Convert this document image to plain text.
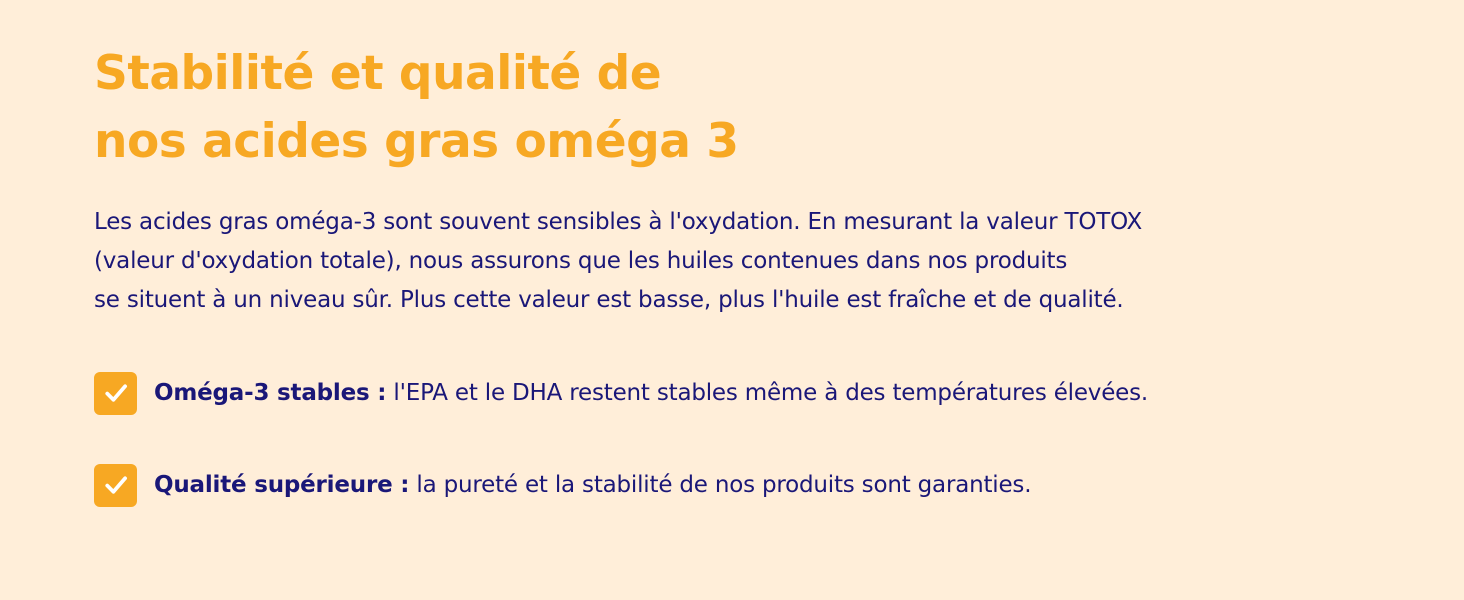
Stabilité et qualité de
nos acides gras oméga 3

Les acides gras oméga-3 sont souvent sensibles à l'oxydation. En mesurant la valeur TOTOX
(valeur d'oxydation totale), nous assurons que les huiles contenues dans nos produits
se situent à un niveau sûr. Plus cette valeur est basse, plus l'huile est fraîche et de qualité.

Oméga-3 stables : l'EPA et le DHA restent stables même à des températures élevées.
Qualité supérieure : la pureté et la stabilité de nos produits sont garanties.
